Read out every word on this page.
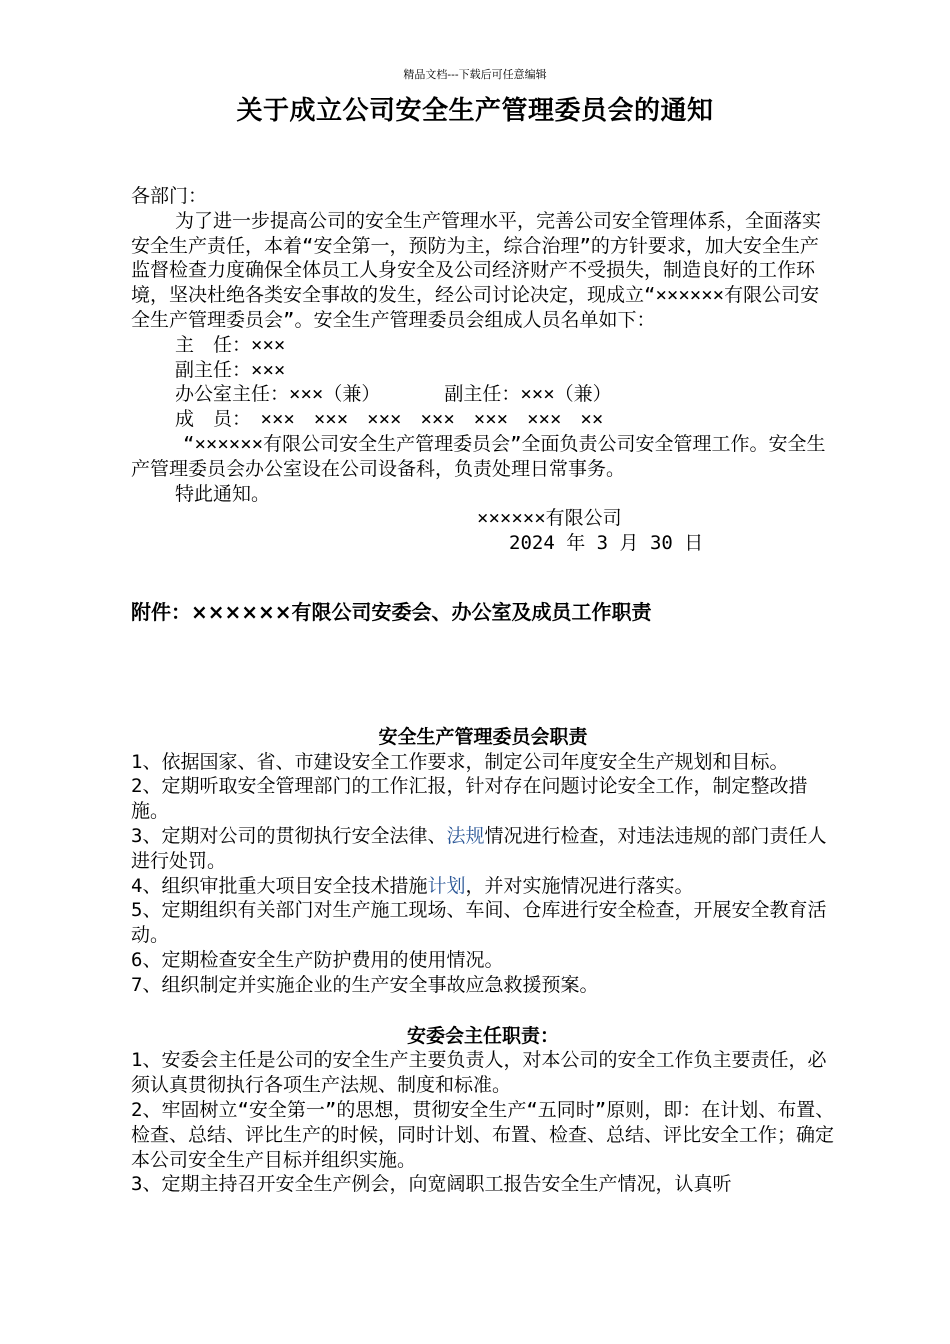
精品文档---下载后可任意编辑
关于成立公司安全生产管理委员会的通知

各部门：

为了进一步提高公司的安全生产管理水平，完善公司安全管理体系，全面落实安全生产责任，本着“安全第一，预防为主，综合治理”的方针要求，加大安全生产监督检查力度确保全体员工人身安全及公司经济财产不受损失，制造良好的工作环境，坚决杜绝各类安全事故的发生，经公司讨论决定，现成立“××××××有限公司安全生产管理委员会”。安全生产管理委员会组成人员名单如下：

主　任：×××

副主任：×××

办公室主任：×××（兼）	副主任：×××（兼）

成　员：　×××　×××　×××　×××　×××　×××　××

“××××××有限公司安全生产管理委员会”全面负责公司安全管理工作。安全生产管理委员会办公室设在公司设备科，负责处理日常事务。

特此通知。

××××××有限公司

2024 年 3 月 30 日

附件：××××××有限公司安委会、办公室及成员工作职责

安全生产管理委员会职责

1、依据国家、省、市建设安全工作要求，制定公司年度安全生产规划和目标。

2、定期听取安全管理部门的工作汇报，针对存在问题讨论安全工作，制定整改措施。

3、定期对公司的贯彻执行安全法律、法规情况进行检查，对违法违规的部门责任人进行处罚。

4、组织审批重大项目安全技术措施计划，并对实施情况进行落实。

5、定期组织有关部门对生产施工现场、车间、仓库进行安全检查，开展安全教育活动。

6、定期检查安全生产防护费用的使用情况。

7、组织制定并实施企业的生产安全事故应急救援预案。

安委会主任职责：

1、安委会主任是公司的安全生产主要负责人，对本公司的安全工作负主要责任，必须认真贯彻执行各项生产法规、制度和标准。

2、牢固树立“安全第一”的思想，贯彻安全生产“五同时”原则，即：在计划、布置、检查、总结、评比生产的时候，同时计划、布置、检查、总结、评比安全工作；确定本公司安全生产目标并组织实施。

3、定期主持召开安全生产例会，向宽阔职工报告安全生产情况，认真听
